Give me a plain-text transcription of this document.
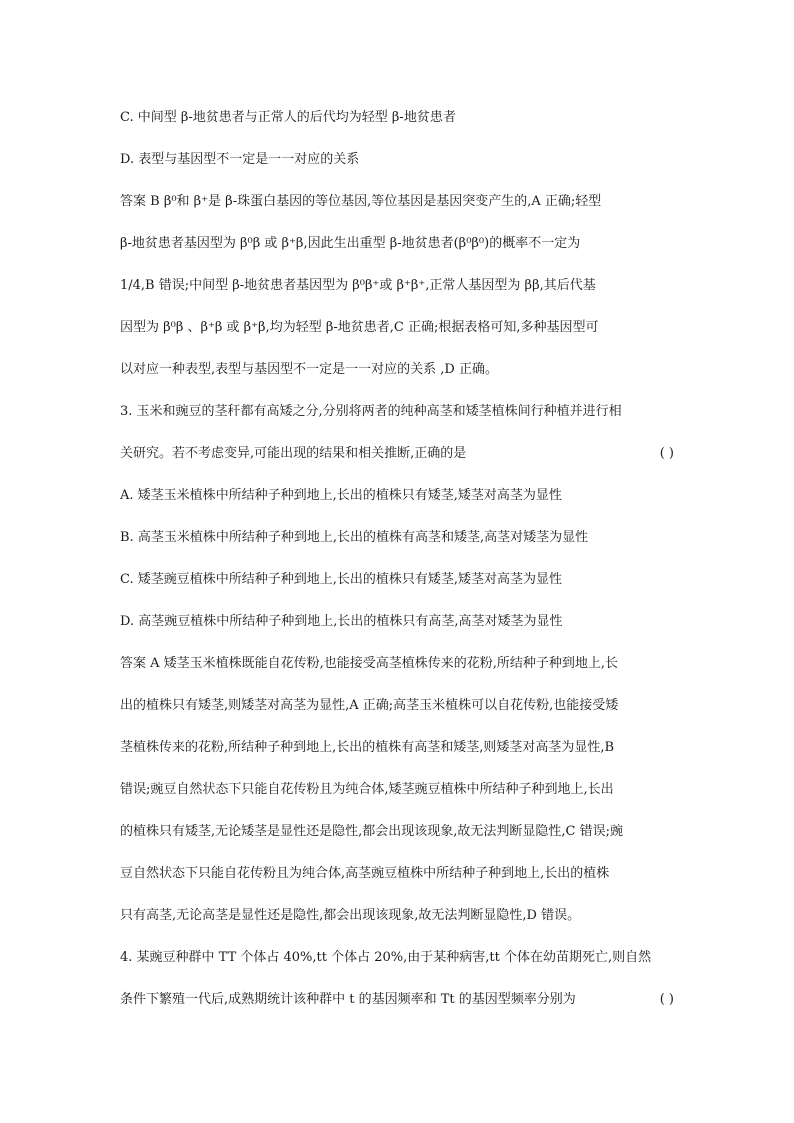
C. 中间型 β-地贫患者与正常人的后代均为轻型 β-地贫患者
D. 表型与基因型不一定是一一对应的关系
答案 B β⁰和 β⁺是 β-珠蛋白基因的等位基因,等位基因是基因突变产生的,A 正确;轻型
β-地贫患者基因型为 β⁰β 或 β⁺β,因此生出重型 β-地贫患者(β⁰β⁰)的概率不一定为
1/4,B 错误;中间型 β-地贫患者基因型为 β⁰β⁺或 β⁺β⁺,正常人基因型为 ββ,其后代基
因型为 β⁰β 、β⁺β 或 β⁺β,均为轻型 β-地贫患者,C 正确;根据表格可知,多种基因型可
以对应一种表型,表型与基因型不一定是一一对应的关系 ,D 正确。
3. 玉米和豌豆的茎秆都有高矮之分,分别将两者的纯种高茎和矮茎植株间行种植并进行相
关研究。若不考虑变异,可能出现的结果和相关推断,正确的是	( )
A. 矮茎玉米植株中所结种子种到地上,长出的植株只有矮茎,矮茎对高茎为显性
B. 高茎玉米植株中所结种子种到地上,长出的植株有高茎和矮茎,高茎对矮茎为显性
C. 矮茎豌豆植株中所结种子种到地上,长出的植株只有矮茎,矮茎对高茎为显性
D. 高茎豌豆植株中所结种子种到地上,长出的植株只有高茎,高茎对矮茎为显性
答案 A 矮茎玉米植株既能自花传粉,也能接受高茎植株传来的花粉,所结种子种到地上,长
出的植株只有矮茎,则矮茎对高茎为显性,A 正确;高茎玉米植株可以自花传粉,也能接受矮
茎植株传来的花粉,所结种子种到地上,长出的植株有高茎和矮茎,则矮茎对高茎为显性,B
错误;豌豆自然状态下只能自花传粉且为纯合体,矮茎豌豆植株中所结种子种到地上,长出
的植株只有矮茎,无论矮茎是显性还是隐性,都会出现该现象,故无法判断显隐性,C 错误;豌
豆自然状态下只能自花传粉且为纯合体,高茎豌豆植株中所结种子种到地上,长出的植株
只有高茎,无论高茎是显性还是隐性,都会出现该现象,故无法判断显隐性,D 错误。
4. 某豌豆种群中 TT 个体占 40%,tt 个体占 20%,由于某种病害,tt 个体在幼苗期死亡,则自然
条件下繁殖一代后,成熟期统计该种群中 t 的基因频率和 Tt 的基因型频率分别为	( )
